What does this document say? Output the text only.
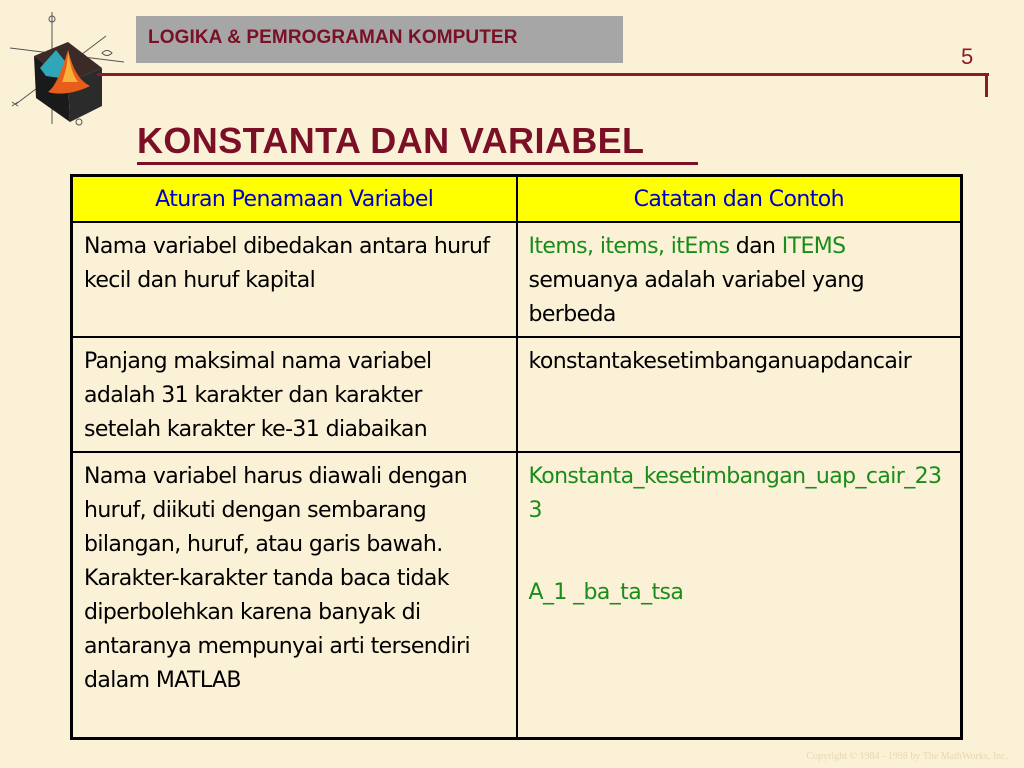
LOGIKA & PEMROGRAMAN KOMPUTER
5
KONSTANTA DAN VARIABEL
Aturan Penamaan Variabel	Catatan dan Contoh
Nama variabel dibedakan antara huruf kecil dan huruf kapital	Items, items, itEms dan ITEMS semuanya adalah variabel yang berbeda
Panjang maksimal nama variabel adalah 31 karakter dan karakter setelah karakter ke-31 diabaikan	konstantakesetimbanganuapdancair
Nama variabel harus diawali dengan huruf, diikuti dengan sembarang bilangan, huruf, atau garis bawah. Karakter-karakter tanda baca tidak diperbolehkan karena banyak di antaranya mempunyai arti tersendiri dalam MATLAB	Konstanta_kesetimbangan_uap_cair_233
A_1 _ba_ta_tsa
Copyright © 1984 - 1998 by The MathWorks, Inc.
